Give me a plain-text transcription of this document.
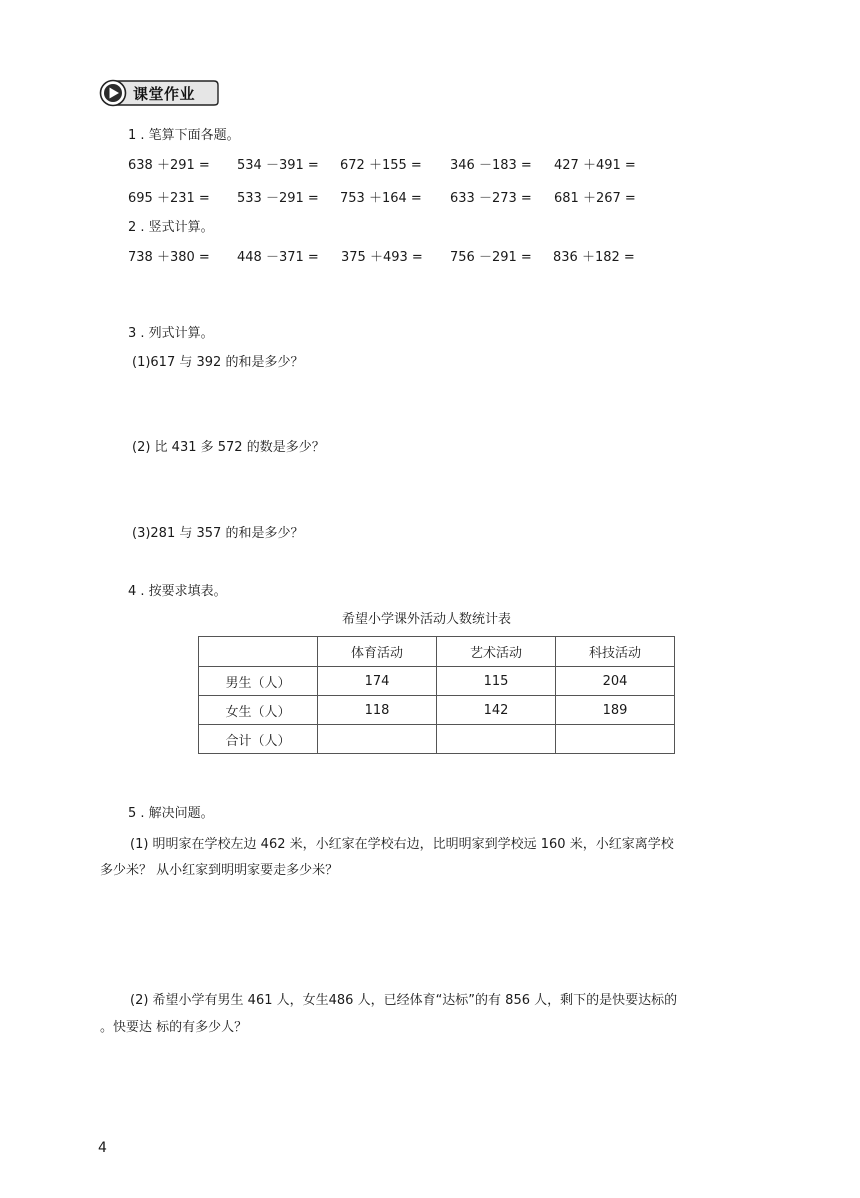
课堂作业
1 . 笔算下面各题。
638 ＋291 = 534 －391 = 672 ＋155 = 346 －183 = 427 ＋491 =
695 ＋231 = 533 －291 = 753 ＋164 = 633 －273 = 681 ＋267 =
2 . 竖式计算。
738 ＋380 = 448 －371 = 375 ＋493 = 756 －291 = 836 ＋182 =
3 . 列式计算。
(1)617 与 392 的和是多少？
(2) 比 431 多 572 的数是多少？
(3)281 与 357 的和是多少？
4 . 按要求填表。
希望小学课外活动人数统计表
	体育活动	艺术活动	科技活动
男生（人）	174	115	204
女生（人）	118	142	189
合计（人）			
5 . 解决问题。
(1) 明明家在学校左边 462 米，小红家在学校右边，比明明家到学校远 160 米，小红家离学校
多少米？ 从小红家到明明家要走多少米？
(2) 希望小学有男生 461 人，女生486 人，已经体育“达标”的有 856 人，剩下的是快要达标的
。快要达 标的有多少人？
4
